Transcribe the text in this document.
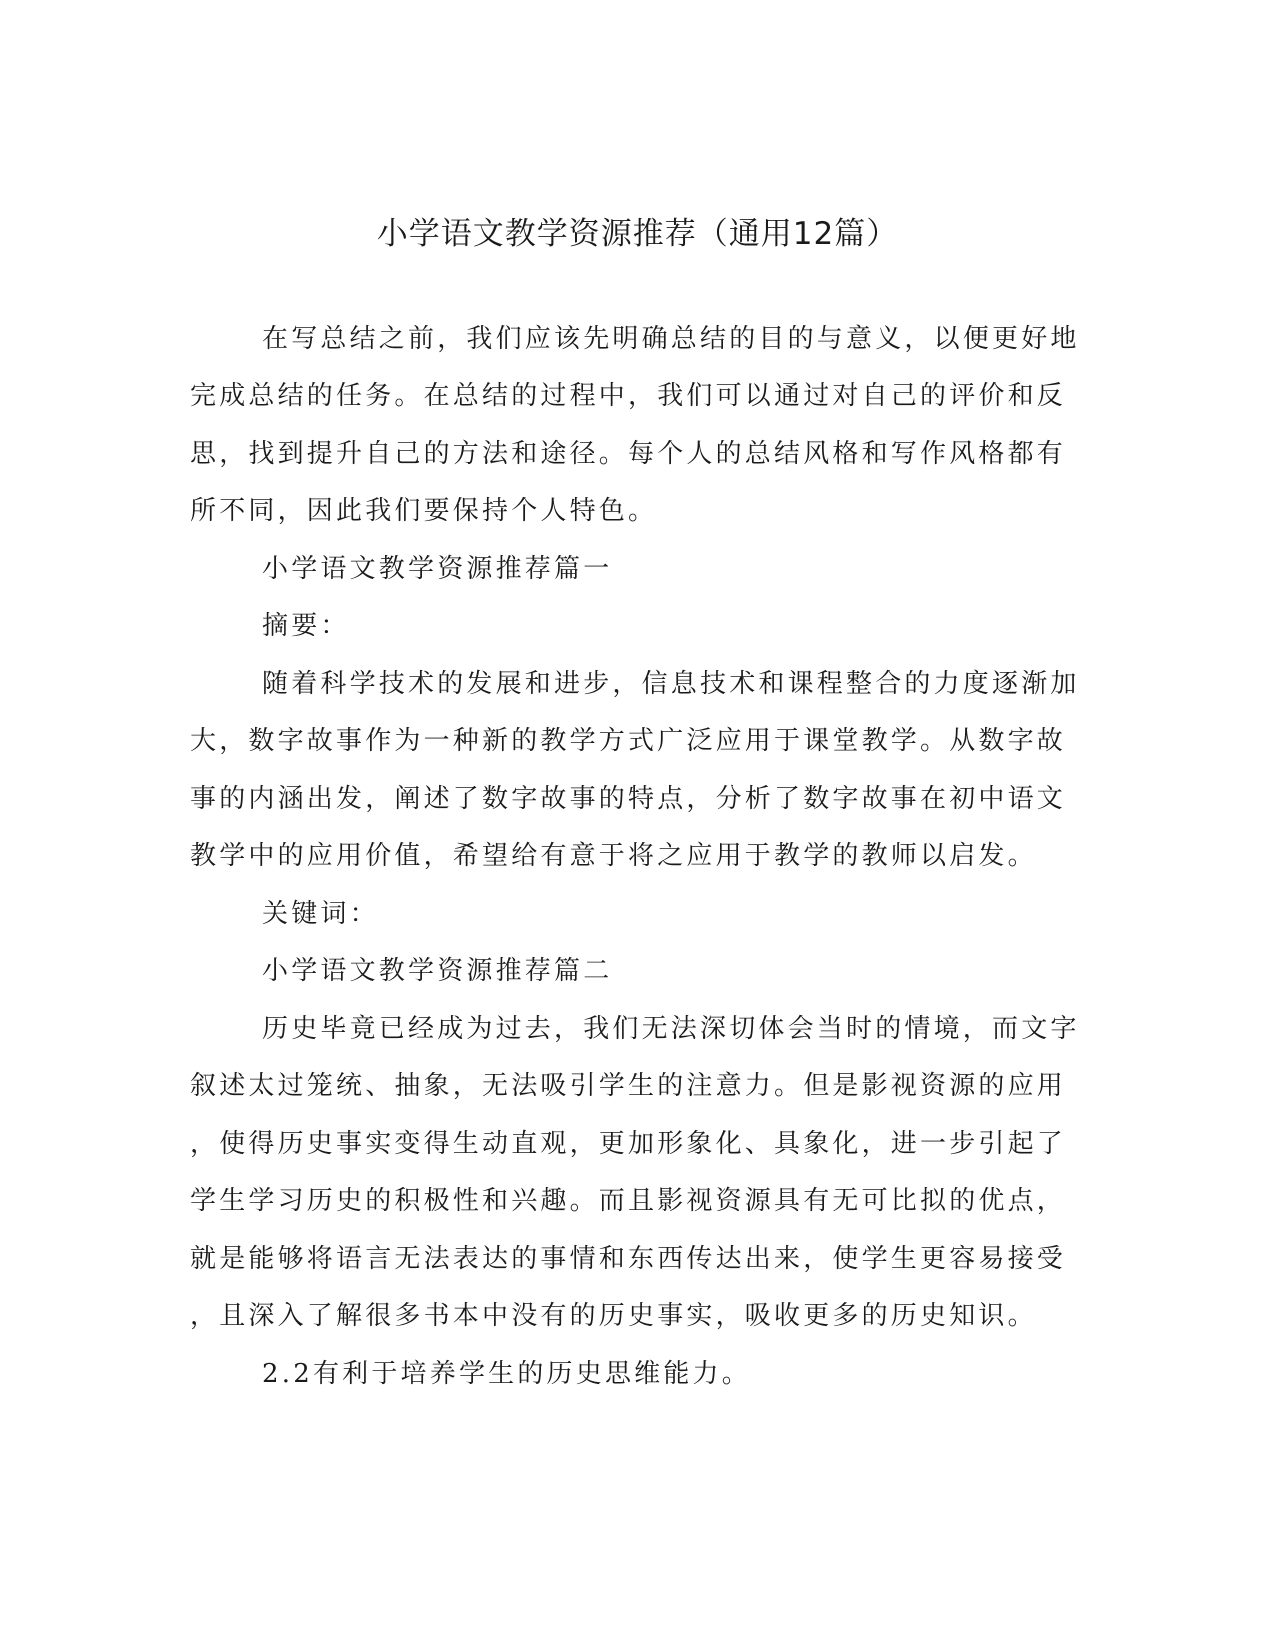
小学语文教学资源推荐（通用12篇）

在写总结之前，我们应该先明确总结的目的与意义，以便更好地

完成总结的任务。在总结的过程中，我们可以通过对自己的评价和反

思，找到提升自己的方法和途径。每个人的总结风格和写作风格都有

所不同，因此我们要保持个人特色。

小学语文教学资源推荐篇一

摘要：

随着科学技术的发展和进步，信息技术和课程整合的力度逐渐加

大，数字故事作为一种新的教学方式广泛应用于课堂教学。从数字故

事的内涵出发，阐述了数字故事的特点，分析了数字故事在初中语文

教学中的应用价值，希望给有意于将之应用于教学的教师以启发。

关键词：

小学语文教学资源推荐篇二

历史毕竟已经成为过去，我们无法深切体会当时的情境，而文字

叙述太过笼统、抽象，无法吸引学生的注意力。但是影视资源的应用

，使得历史事实变得生动直观，更加形象化、具象化，进一步引起了

学生学习历史的积极性和兴趣。而且影视资源具有无可比拟的优点，

就是能够将语言无法表达的事情和东西传达出来，使学生更容易接受

，且深入了解很多书本中没有的历史事实，吸收更多的历史知识。

2.2有利于培养学生的历史思维能力。
